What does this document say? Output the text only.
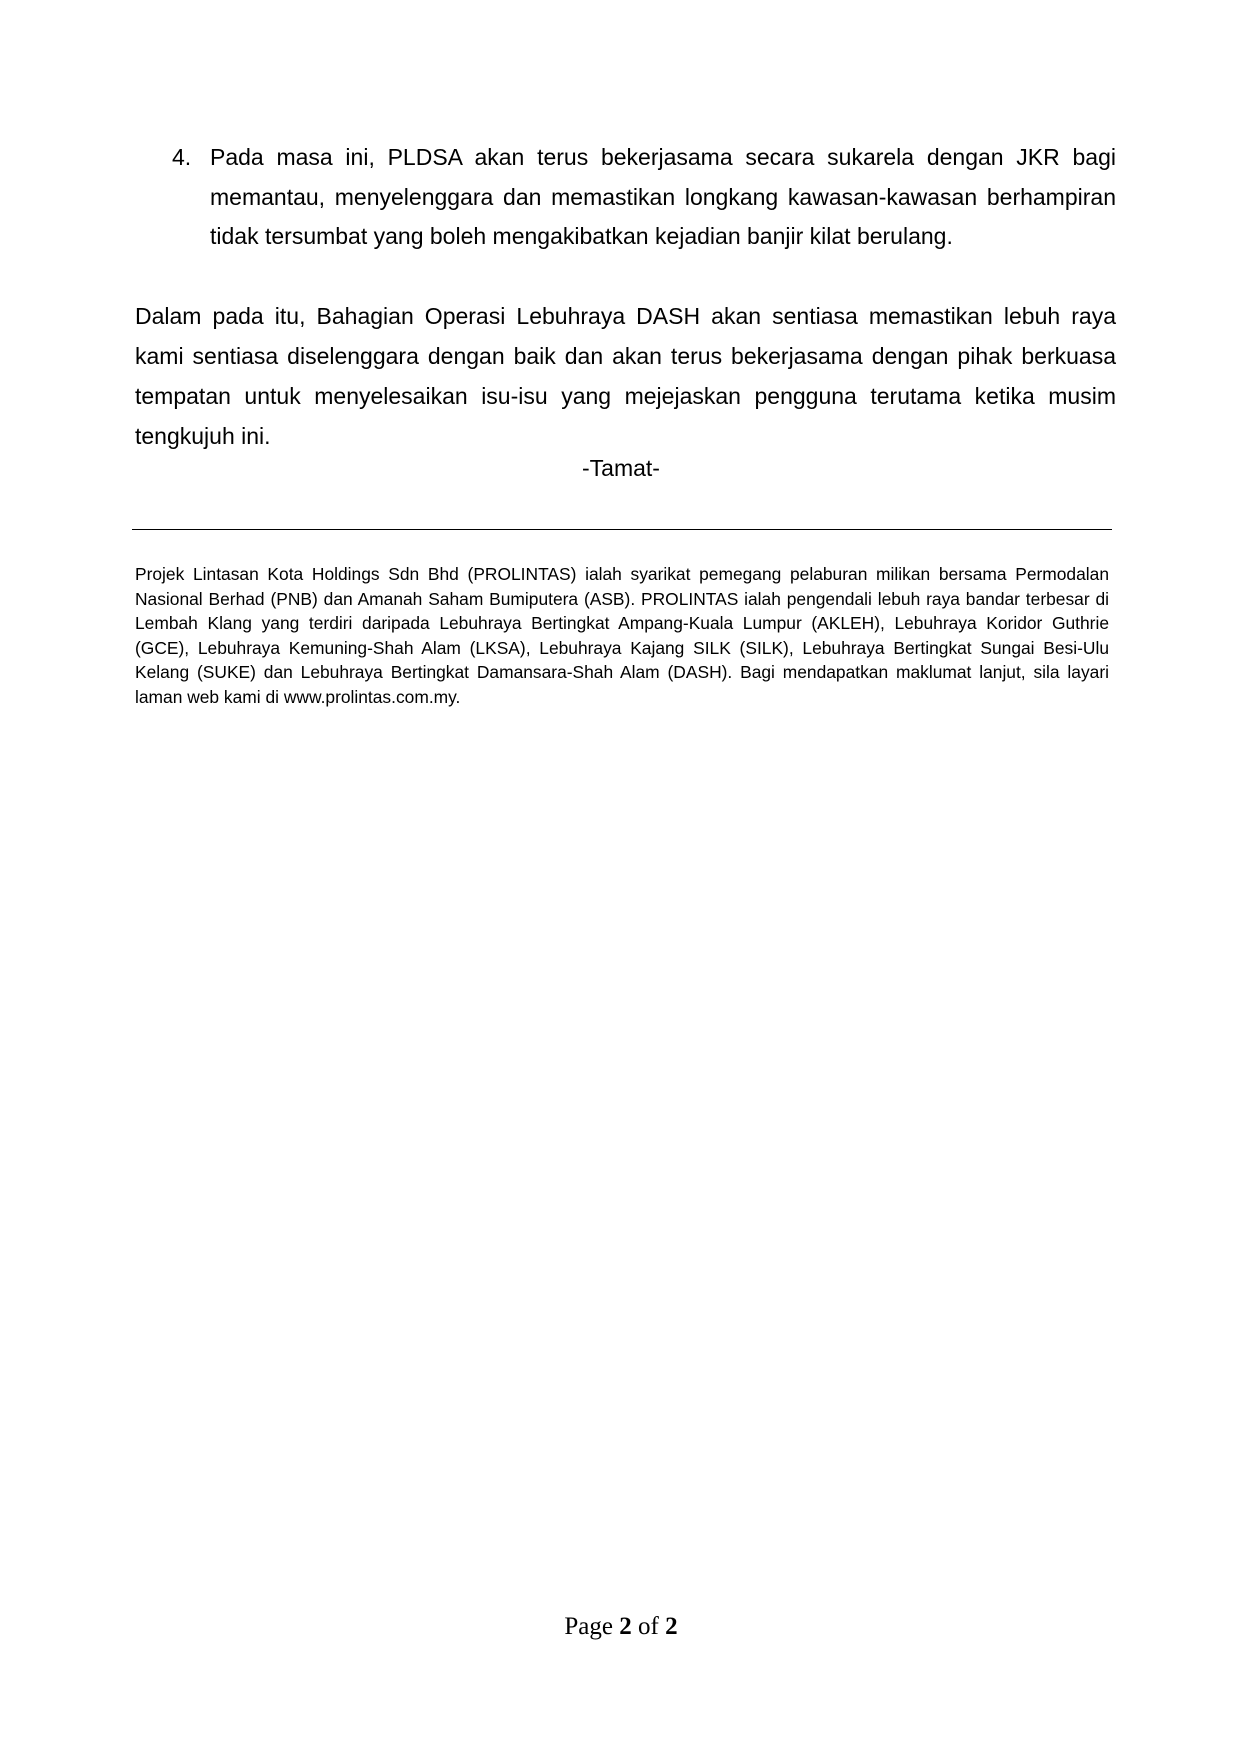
4. Pada masa ini, PLDSA akan terus bekerjasama secara sukarela dengan JKR bagi memantau, menyelenggara dan memastikan longkang kawasan-kawasan berhampiran tidak tersumbat yang boleh mengakibatkan kejadian banjir kilat berulang.

Dalam pada itu, Bahagian Operasi Lebuhraya DASH akan sentiasa memastikan lebuh raya kami sentiasa diselenggara dengan baik dan akan terus bekerjasama dengan pihak berkuasa tempatan untuk menyelesaikan isu-isu yang mejejaskan pengguna terutama ketika musim tengkujuh ini.

-Tamat-

Projek Lintasan Kota Holdings Sdn Bhd (PROLINTAS) ialah syarikat pemegang pelaburan milikan bersama Permodalan Nasional Berhad (PNB) dan Amanah Saham Bumiputera (ASB). PROLINTAS ialah pengendali lebuh raya bandar terbesar di Lembah Klang yang terdiri daripada Lebuhraya Bertingkat Ampang-Kuala Lumpur (AKLEH), Lebuhraya Koridor Guthrie (GCE), Lebuhraya Kemuning-Shah Alam (LKSA), Lebuhraya Kajang SILK (SILK), Lebuhraya Bertingkat Sungai Besi-Ulu Kelang (SUKE) dan Lebuhraya Bertingkat Damansara-Shah Alam (DASH). Bagi mendapatkan maklumat lanjut, sila layari laman web kami di www.prolintas.com.my.

Page 2 of 2
